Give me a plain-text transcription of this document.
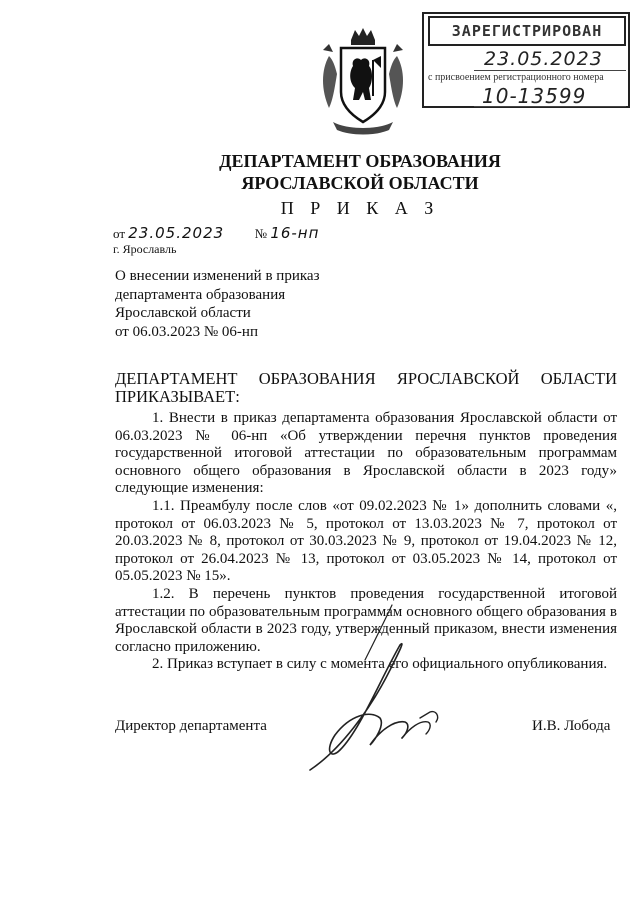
ЗАРЕГИСТРИРОВАН
23.05.2023
с присвоением регистрационного номера
10-13599
ДЕПАРТАМЕНТ ОБРАЗОВАНИЯ
ЯРОСЛАВСКОЙ ОБЛАСТИ
П Р И К А З
от 23.05.2023 № 16-нп
г. Ярославль
О внесении изменений в приказ
департамента образования
Ярославской области
от 06.03.2023 № 06-нп

ДЕПАРТАМЕНТ ОБРАЗОВАНИЯ ЯРОСЛАВСКОЙ ОБЛАСТИ

ПРИКАЗЫВАЕТ:

1. Внести в приказ департамента образования Ярославской области от 06.03.2023 № 06-нп «Об утверждении перечня пунктов проведения государственной итоговой аттестации по образовательным программам основного общего образования в Ярославской области в 2023 году» следующие изменения:

1.1. Преамбулу после слов «от 09.02.2023 № 1» дополнить словами «, протокол от 06.03.2023 № 5, протокол от 13.03.2023 № 7, протокол от 20.03.2023 № 8, протокол от 30.03.2023 № 9, протокол от 19.04.2023 № 12, протокол от 26.04.2023 № 13, протокол от 03.05.2023 № 14, протокол от 05.05.2023 № 15».

1.2. В перечень пунктов проведения государственной итоговой аттестации по образовательным программам основного общего образования в Ярославской области в 2023 году, утвержденный приказом, внести изменения согласно приложению.

2. Приказ вступает в силу с момента его официального опубликования.

Директор департамента	И.В. Лобода
